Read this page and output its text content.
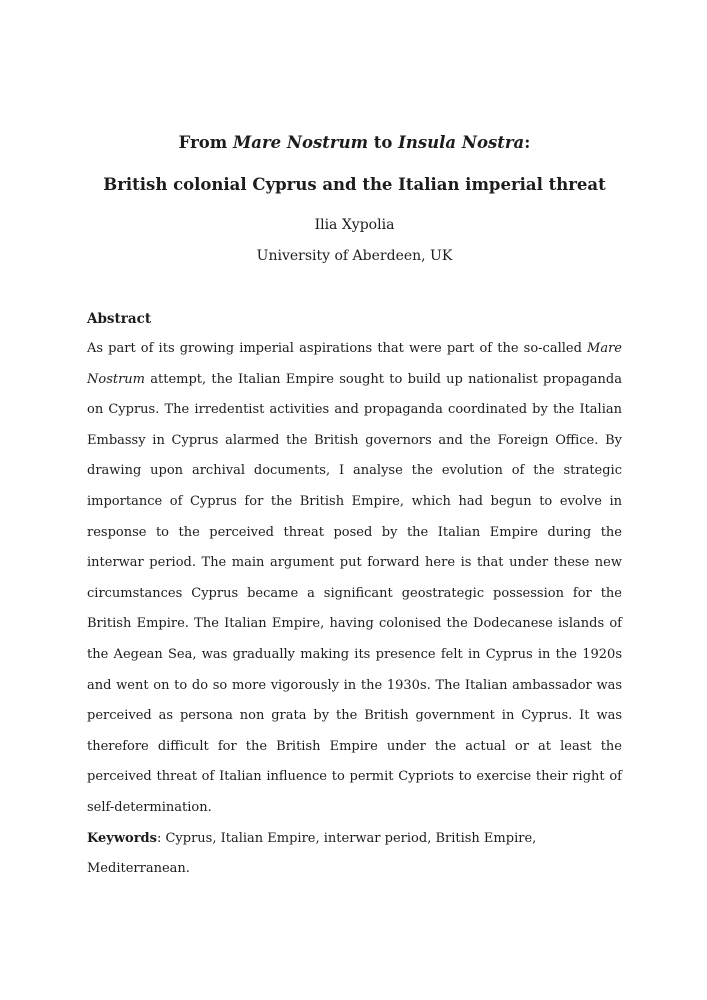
From Mare Nostrum to Insula Nostra:
British colonial Cyprus and the Italian imperial threat
Ilia Xypolia
University of Aberdeen, UK
Abstract
As part of its growing imperial aspirations that were part of the so-called Mare Nostrum attempt, the Italian Empire sought to build up nationalist propaganda on Cyprus. The irredentist activities and propaganda coordinated by the Italian Embassy in Cyprus alarmed the British governors and the Foreign Office. By drawing upon archival documents, I analyse the evolution of the strategic importance of Cyprus for the British Empire, which had begun to evolve in response to the perceived threat posed by the Italian Empire during the interwar period. The main argument put forward here is that under these new circumstances Cyprus became a significant geostrategic possession for the British Empire. The Italian Empire, having colonised the Dodecanese islands of the Aegean Sea, was gradually making its presence felt in Cyprus in the 1920s and went on to do so more vigorously in the 1930s. The Italian ambassador was perceived as persona non grata by the British government in Cyprus. It was therefore difficult for the British Empire under the actual or at least the perceived threat of Italian influence to permit Cypriots to exercise their right of self-determination.
Keywords: Cyprus, Italian Empire, interwar period, British Empire, Mediterranean.
